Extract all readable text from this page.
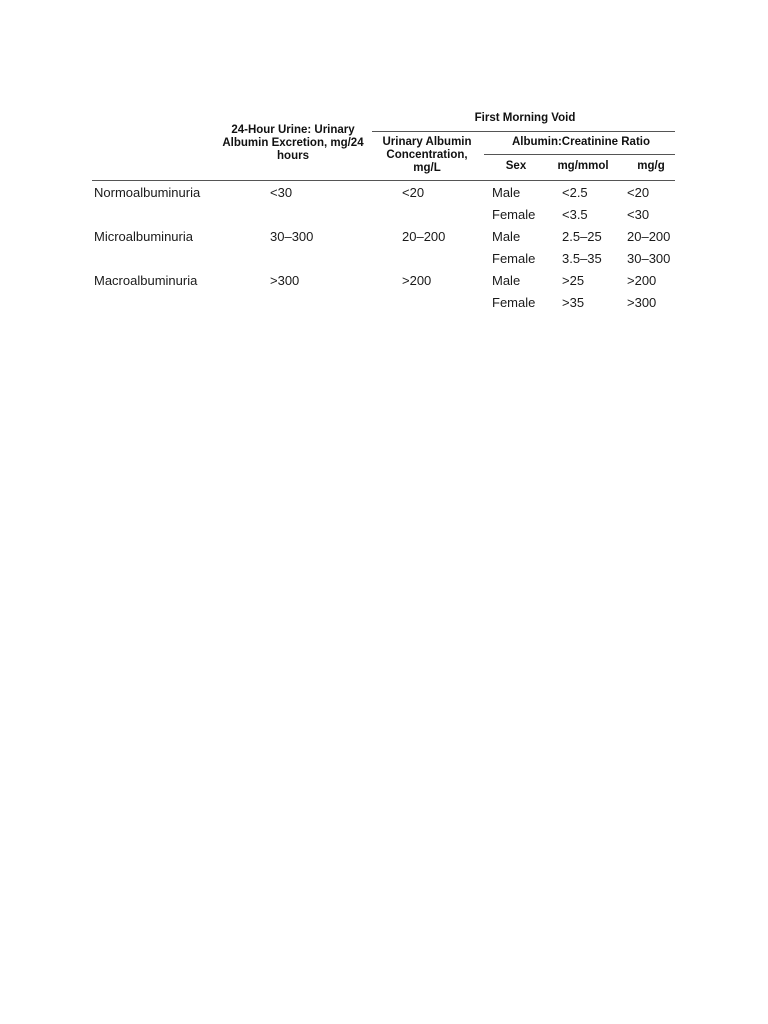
First Morning Void
24-Hour Urine: Urinary Albumin Excretion, mg/24 hours
Urinary Albumin Concentration, mg/L
Albumin:Creatinine Ratio
Sex	mg/mmol	mg/g
Normoalbuminuria	<30	<20	Male	<2.5	<20
Female <3.5	<30
Microalbuminuria	30–300	20–200	Male	2.5–25 20–200
Female 3.5–35 30–300
Macroalbuminuria	>300	>200	Male	>25	>200
Female >35	>300
